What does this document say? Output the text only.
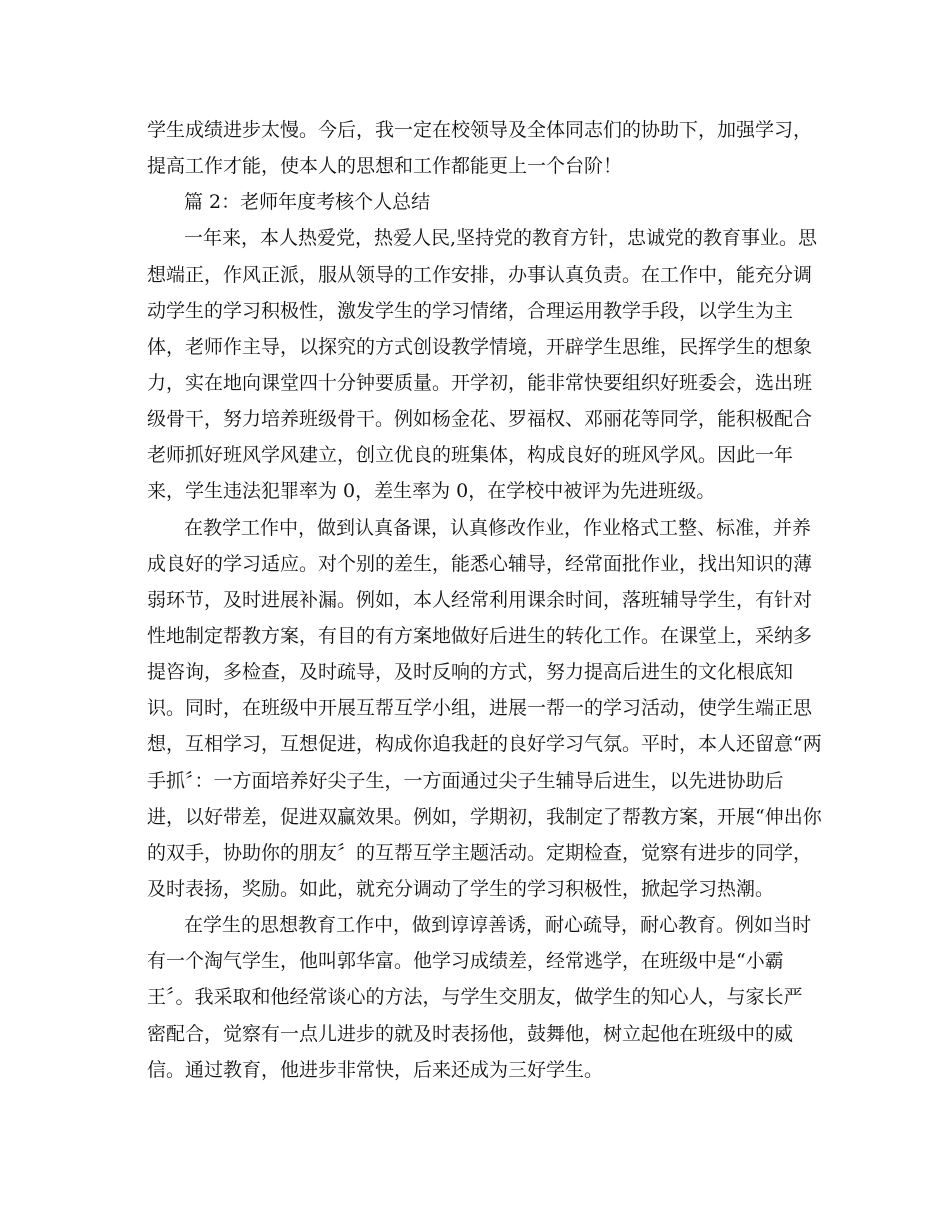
学生成绩进步太慢。今后，我一定在校领导及全体同志们的协助下，加强学习，
提高工作才能，使本人的思想和工作都能更上一个台阶！
篇 2：老师年度考核个人总结
一年来，本人热爱党，热爱人民,坚持党的教育方针，忠诚党的教育事业。思
想端正，作风正派，服从领导的工作安排，办事认真负责。在工作中，能充分调
动学生的学习积极性，激发学生的学习情绪，合理运用教学手段，以学生为主
体，老师作主导，以探究的方式创设教学情境，开辟学生思维，民挥学生的想象
力，实在地向课堂四十分钟要质量。开学初，能非常快要组织好班委会，选出班
级骨干，努力培养班级骨干。例如杨金花、罗福权、邓丽花等同学，能积极配合
老师抓好班风学风建立，创立优良的班集体，构成良好的班风学风。因此一年
来，学生违法犯罪率为 0，差生率为 0，在学校中被评为先进班级。
在教学工作中，做到认真备课，认真修改作业，作业格式工整、标准，并养
成良好的学习适应。对个别的差生，能悉心辅导，经常面批作业，找出知识的薄
弱环节，及时进展补漏。例如，本人经常利用课余时间，落班辅导学生，有针对
性地制定帮教方案，有目的有方案地做好后进生的转化工作。在课堂上，采纳多
提咨询，多检查，及时疏导，及时反响的方式，努力提高后进生的文化根底知
识。同时，在班级中开展互帮互学小组，进展一帮一的学习活动，使学生端正思
想，互相学习，互想促进，构成你追我赶的良好学习气氛。平时，本人还留意“两
手抓〞：一方面培养好尖子生，一方面通过尖子生辅导后进生，以先进协助后
进，以好带差，促进双赢效果。例如，学期初，我制定了帮教方案，开展“伸出你
的双手，协助你的朋友〞的互帮互学主题活动。定期检查，觉察有进步的同学，
及时表扬，奖励。如此，就充分调动了学生的学习积极性，掀起学习热潮。
在学生的思想教育工作中，做到谆谆善诱，耐心疏导，耐心教育。例如当时
有一个淘气学生，他叫郭华富。他学习成绩差，经常逃学，在班级中是“小霸
王〞。我采取和他经常谈心的方法，与学生交朋友，做学生的知心人，与家长严
密配合，觉察有一点儿进步的就及时表扬他，鼓舞他，树立起他在班级中的威
信。通过教育，他进步非常快，后来还成为三好学生。
